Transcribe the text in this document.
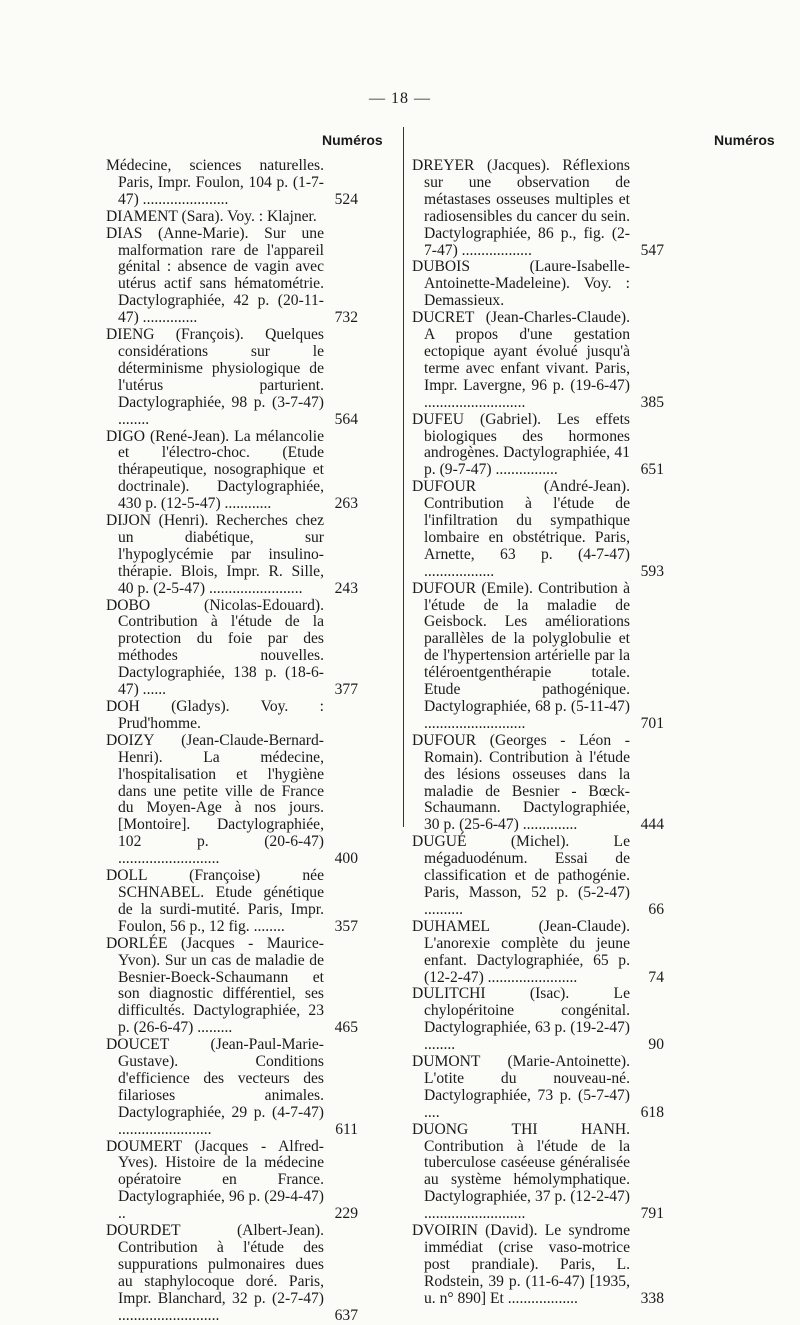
— 18 —
Numéros	Numéros
Médecine, sciences naturelles. Paris, Impr. Foulon, 104 p. (1-7-47) ......................	524
DIAMENT (Sara). Voy. : Klajner.
DIAS (Anne-Marie). Sur une malformation rare de l'appareil génital : absence de vagin avec utérus actif sans hématométrie. Dactylographiée, 42 p. (20-11-47) ..............	732
DIENG (François). Quelques considérations sur le déterminisme physiologique de l'utérus parturient. Dactylographiée, 98 p. (3-7-47) ........	564
DIGO (René-Jean). La mélancolie et l'électro-choc. (Etude thérapeutique, nosographique et doctrinale). Dactylographiée, 430 p. (12-5-47) ............	263
DIJON (Henri). Recherches chez un diabétique, sur l'hypoglycémie par insulino-thérapie. Blois, Impr. R. Sille, 40 p. (2-5-47) ........................ 243
DOBO (Nicolas-Edouard). Contribution à l'étude de la protection du foie par des méthodes nouvelles. Dactylographiée, 138 p. (18-6-47) ......	377
DOH (Gladys). Voy. : Prud'homme.
DOIZY (Jean-Claude-Bernard-Henri). La médecine, l'hospitalisation et l'hygiène dans une petite ville de France du Moyen-Age à nos jours. [Montoire]. Dactylographiée, 102 p. (20-6-47) ..........................	400
DOLL (Françoise) née SCHNABEL. Etude génétique de la surdi-mutité. Paris, Impr. Foulon, 56 p., 12 fig. ........	357
DORLÉE (Jacques - Maurice-Yvon). Sur un cas de maladie de Besnier-Boeck-Schaumann et son diagnostic différentiel, ses difficultés. Dactylographiée, 23 p. (26-6-47) .........	465
DOUCET (Jean-Paul-Marie-Gustave). Conditions d'efficience des vecteurs des filarioses animales. Dactylographiée, 29 p. (4-7-47) ........................	611
DOUMERT (Jacques - Alfred-Yves). Histoire de la médecine opératoire en France. Dactylographiée, 96 p. (29-4-47) ..	229
DOURDET (Albert-Jean). Contribution à l'étude des suppurations pulmonaires dues au staphylocoque doré. Paris, Impr. Blanchard, 32 p. (2-7-47) ..........................	637
DREYER (Jacques). Réflexions sur une observation de métastases osseuses multiples et radiosensibles du cancer du sein. Dactylographiée, 86 p., fig. (2-7-47) ..................	547
DUBOIS (Laure-Isabelle-Antoinette-Madeleine). Voy. : Demassieux.
DUCRET (Jean-Charles-Claude). A propos d'une gestation ectopique ayant évolué jusqu'à terme avec enfant vivant. Paris, Impr. Lavergne, 96 p. (19-6-47) ..........................	385
DUFEU (Gabriel). Les effets biologiques des hormones androgènes. Dactylographiée, 41 p. (9-7-47) ................	651
DUFOUR (André-Jean). Contribution à l'étude de l'infiltration du sympathique lombaire en obstétrique. Paris, Arnette, 63 p. (4-7-47) ..................	593
DUFOUR (Emile). Contribution à l'étude de la maladie de Geisbock. Les améliorations parallèles de la polyglobulie et de l'hypertension artérielle par la téléroentgenthérapie totale. Etude pathogénique. Dactylographiée, 68 p. (5-11-47) ..........................	701
DUFOUR (Georges - Léon - Romain). Contribution à l'étude des lésions osseuses dans la maladie de Besnier - Bœck-Schaumann. Dactylographiée, 30 p. (25-6-47) ..............	444
DUGUÉ (Michel). Le mégaduodénum. Essai de classification et de pathogénie. Paris, Masson, 52 p. (5-2-47) ..........	66
DUHAMEL (Jean-Claude). L'anorexie complète du jeune enfant. Dactylographiée, 65 p. (12-2-47) .......................	74
DULITCHI (Isac). Le chylopéritoine congénital. Dactylographiée, 63 p. (19-2-47) ........	90
DUMONT (Marie-Antoinette). L'otite du nouveau-né. Dactylographiée, 73 p. (5-7-47) ....	618
DUONG THI HANH. Contribution à l'étude de la tuberculose caséeuse généralisée au système hémolymphatique. Dactylographiée, 37 p. (12-2-47) ..........................	791
DVOIRIN (David). Le syndrome immédiat (crise vaso-motrice post prandiale). Paris, L. Rodstein, 39 p. (11-6-47) [1935, u. n° 890] Et ..................	338
